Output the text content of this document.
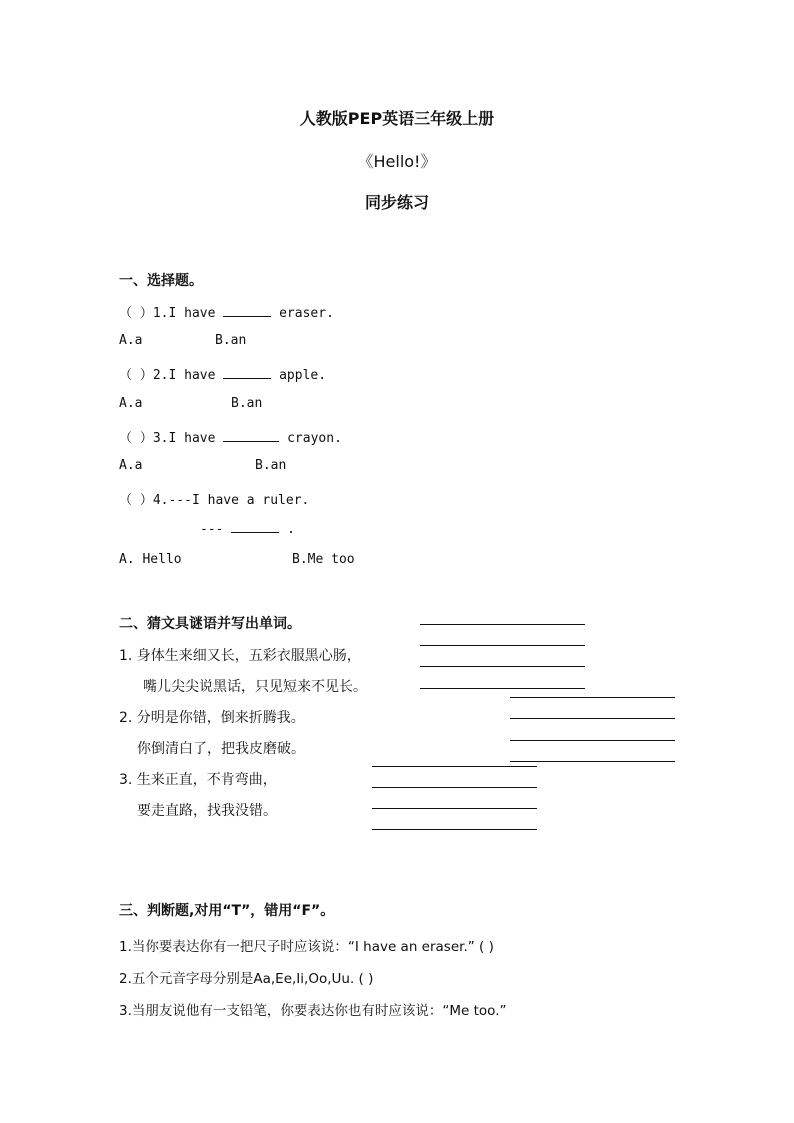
人教版PEP英语三年级上册
《Hello!》
同步练习
一、选择题。
（ ）1.I have	eraser.
A.a	B.an
（ ）2.I have	apple.
A.a	B.an
（ ）3.I have	crayon.
A.a	B.an
（ ）4.---I have a ruler.
---	.
A. Hello	B.Me too
二、猜文具谜语并写出单词。
1. 身体生来细又长，五彩衣服黑心肠，
嘴儿尖尖说黑话，只见短来不见长。
2. 分明是你错，倒来折腾我。
你倒清白了，把我皮磨破。
3. 生来正直，不肯弯曲，
要走直路，找我没错。
三、判断题,对用“T”，错用“F”。
1.当你要表达你有一把尺子时应该说：“I have an eraser.” ( )
2.五个元音字母分别是Aa,Ee,Ii,Oo,Uu. ( )
3.当朋友说他有一支铅笔，你要表达你也有时应该说：“Me too.”
